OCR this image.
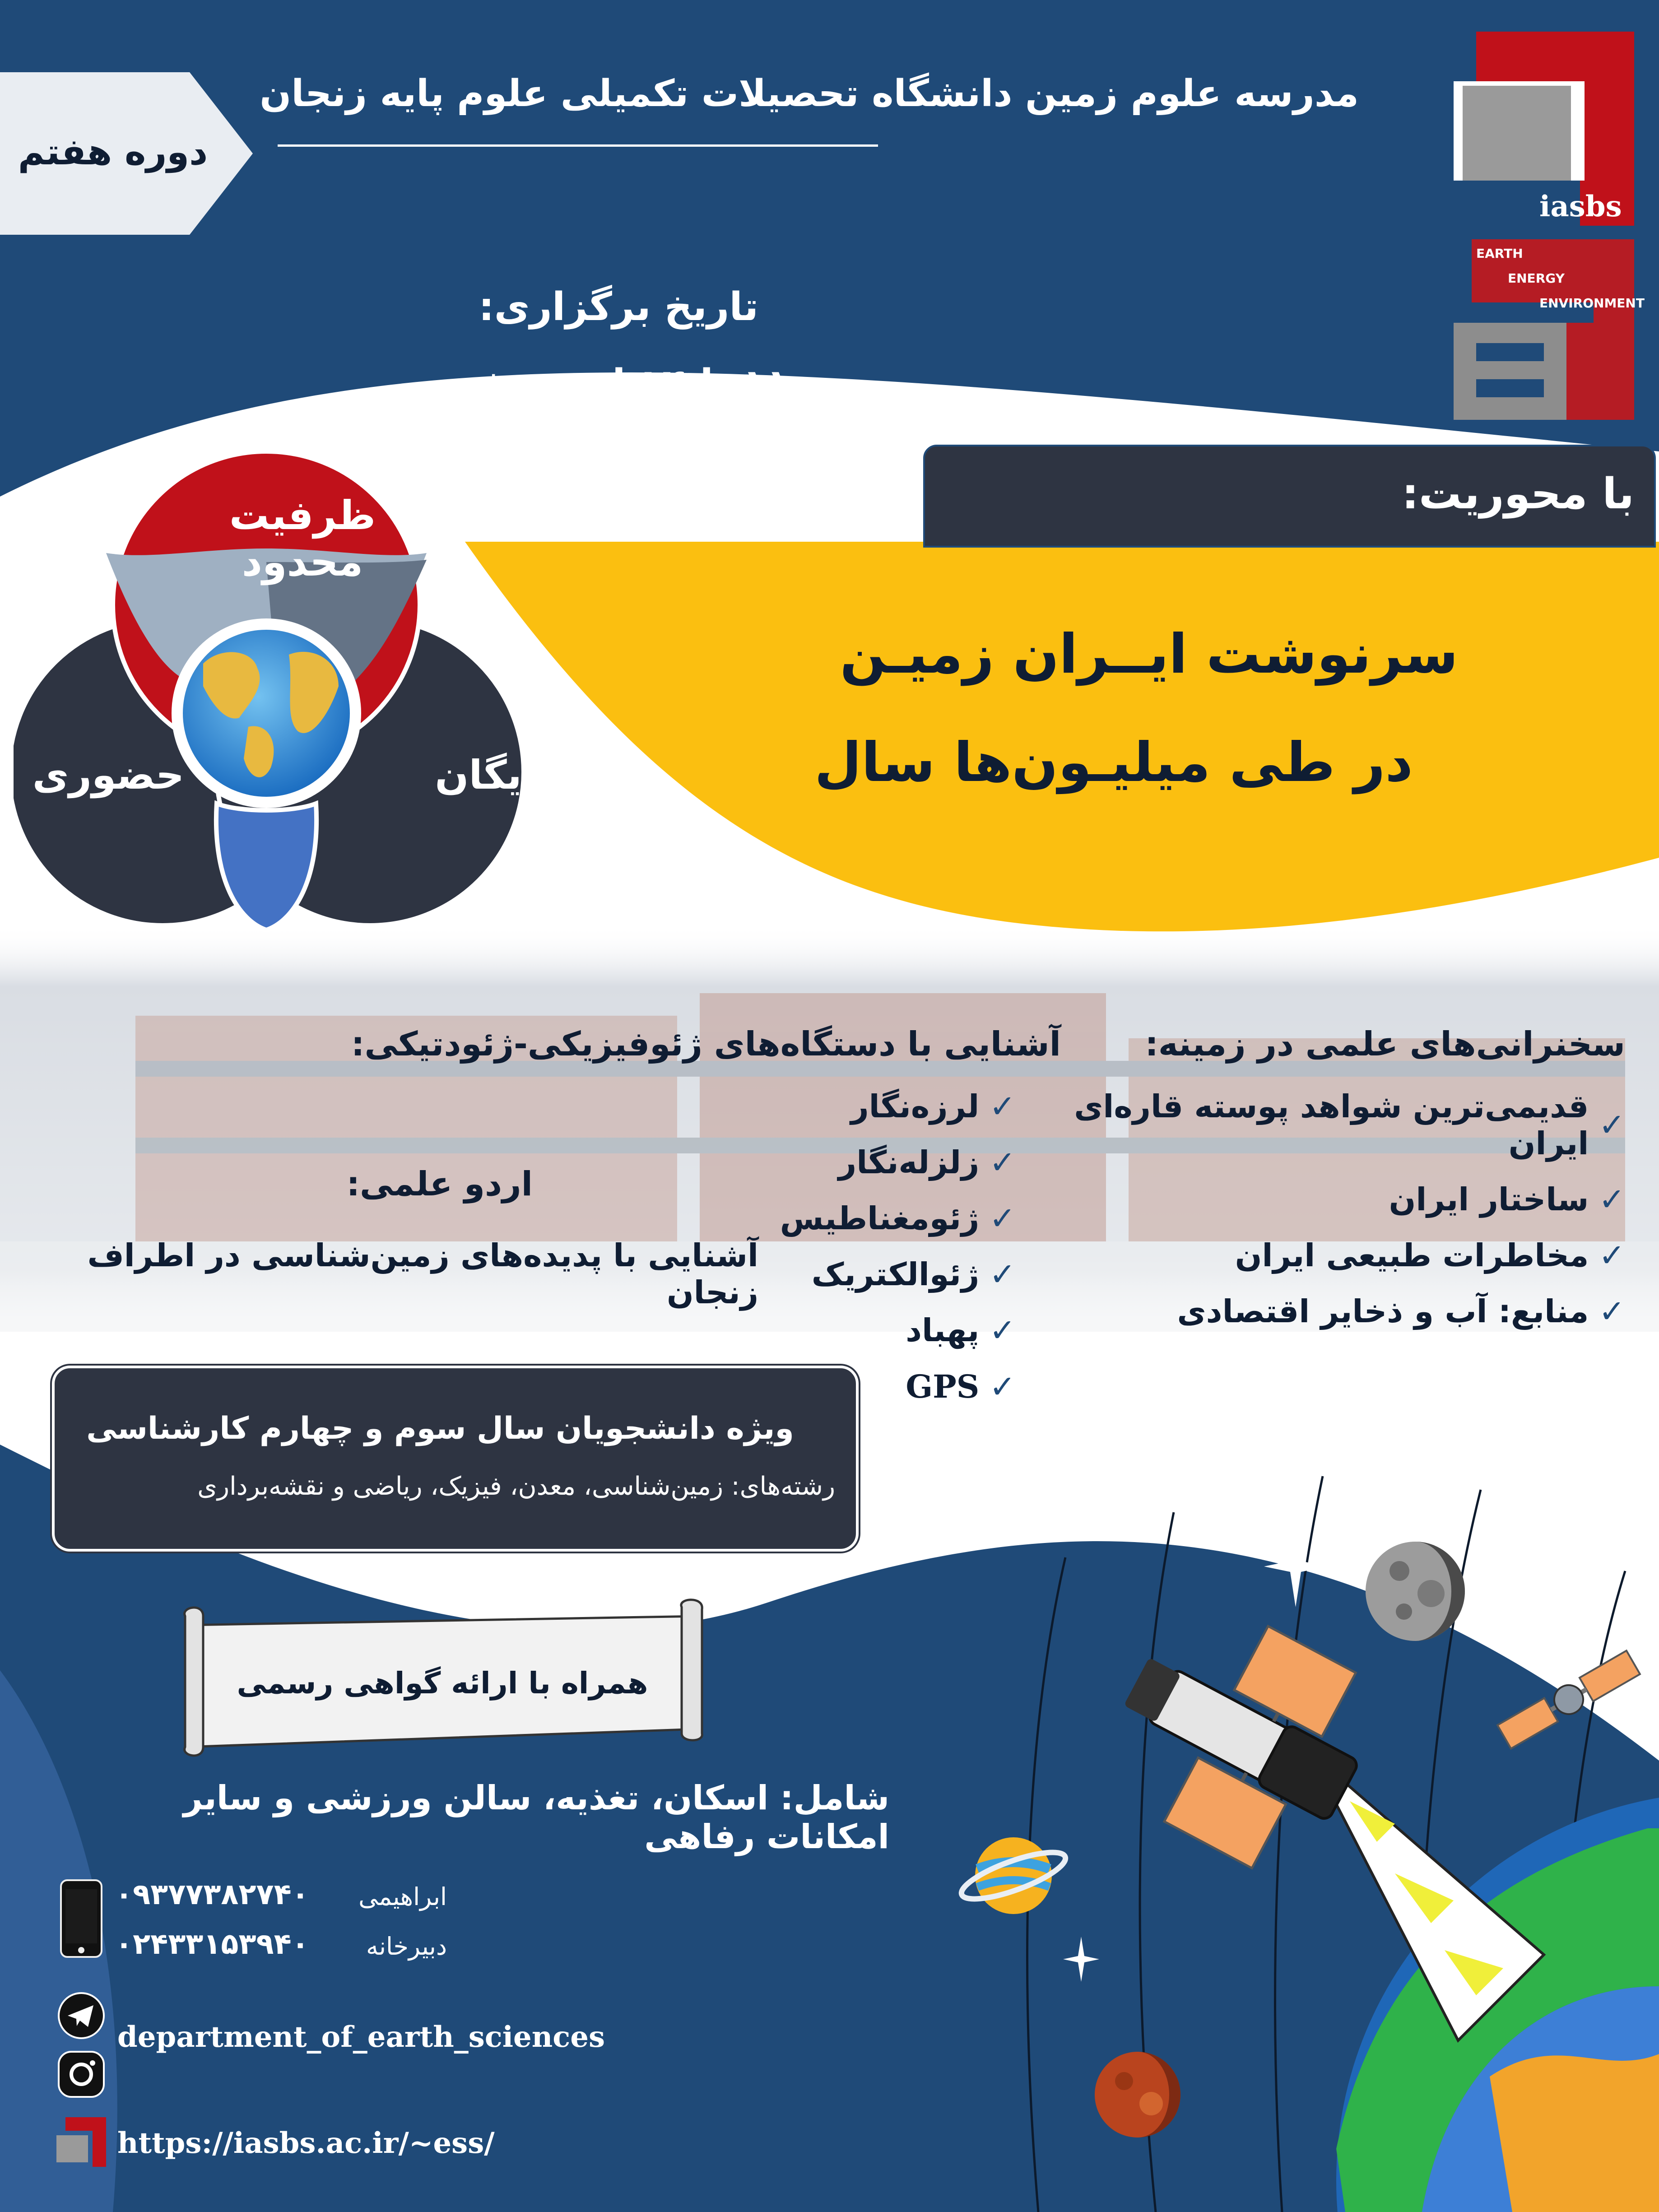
مدرسه علوم زمین دانشگاه تحصیلات تکمیلی علوم پایه زنجان
دوره هفتم
تاریخ برگزاری:
۱۱ تا ۱۴ اردیبهشت ۱۴۰۲
iasbs
EARTH
ENERGY
ENVIRONMENT
با محوریت:
سرنوشت ایــران زمیـن
در طی میلیـون‌ها سال
ظرفیت محدود
حضوری	رایگان
سخنرانی‌های علمی در زمینه:
✓
قدیمی‌ترین شواهد پوسته قاره‌ای ایران
✓
ساختار ایران
✓
مخاطرات طبیعی ایران
✓
منابع: آب و ذخایر اقتصادی
آشنایی با دستگاه‌های ژئوفیزیکی-ژئودتیکی:
✓
لرزه‌نگار
✓
زلزله‌نگار
✓
ژئومغناطیس
✓
ژئوالکتریک
✓
پهباد
✓
GPS
اردو علمی:
آشنایی با پدیده‌های زمین‌شناسی در اطراف زنجان
ویژه دانشجویان سال سوم و چهارم کارشناسی
رشته‌های: زمین‌شناسی، معدن، فیزیک، ریاضی و نقشه‌برداری
همراه با ارائه گواهی رسمی
شامل: اسکان، تغذیه، سالن ورزشی و سایر امکانات رفاهی
۰۹۳۷۷۳۸۲۷۴۰	ابراهیمی
۰۲۴۳۳۱۵۳۹۴۰	دبیرخانه
department_of_earth_sciences
https://iasbs.ac.ir/~ess/
